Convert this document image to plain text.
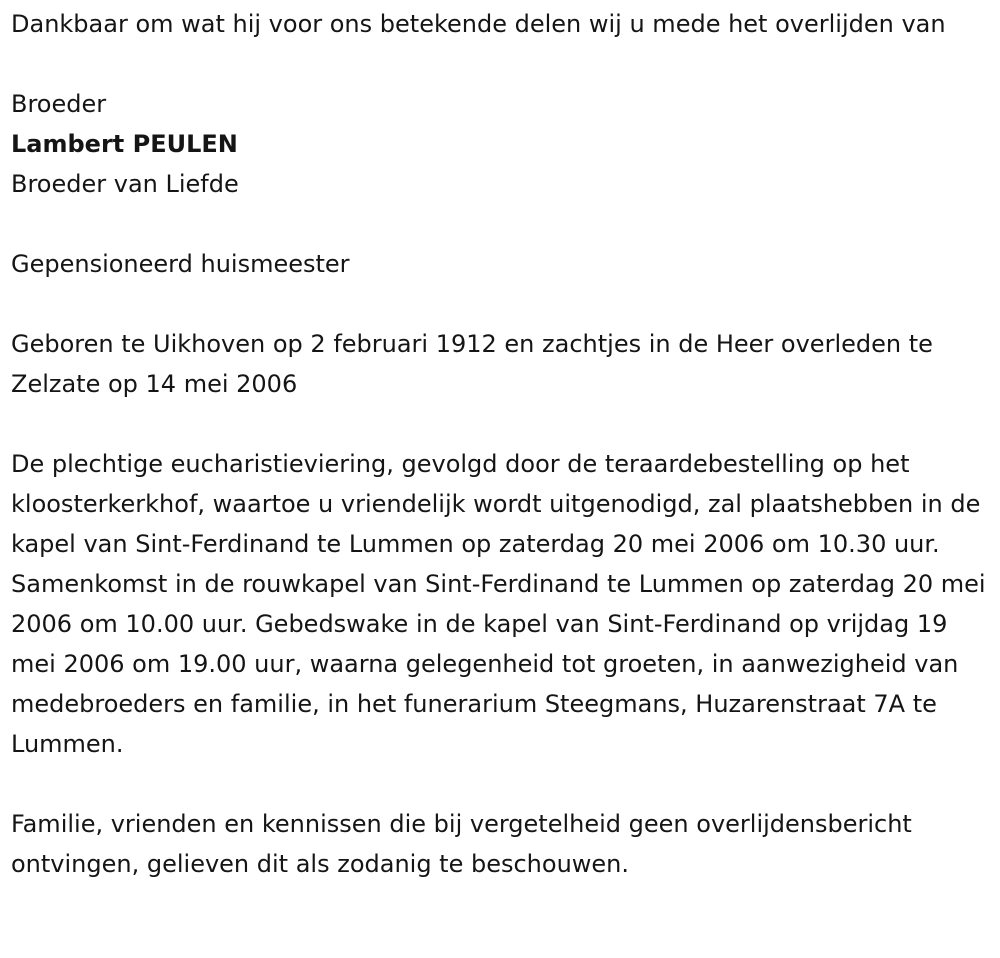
Dankbaar om wat hij voor ons betekende delen wij u mede het overlijden van

Broeder

Lambert PEULEN

Broeder van Liefde

Gepensioneerd huismeester

Geboren te Uikhoven op 2 februari 1912 en zachtjes in de Heer overleden te Zelzate op 14 mei 2006

De plechtige eucharistieviering, gevolgd door de teraardebestelling op het kloosterkerkhof, waartoe u vriendelijk wordt uitgenodigd, zal plaatshebben in de kapel van Sint-Ferdinand te Lummen op zaterdag 20 mei 2006 om 10.30 uur. Samenkomst in de rouwkapel van Sint-Ferdinand te Lummen op zaterdag 20 mei 2006 om 10.00 uur. Gebedswake in de kapel van Sint-Ferdinand op vrijdag 19 mei 2006 om 19.00 uur, waarna gelegenheid tot groeten, in aanwezigheid van medebroeders en familie, in het funerarium Steegmans, Huzarenstraat 7A te Lummen.

Familie, vrienden en kennissen die bij vergetelheid geen overlijdensbericht ontvingen, gelieven dit als zodanig te beschouwen.
